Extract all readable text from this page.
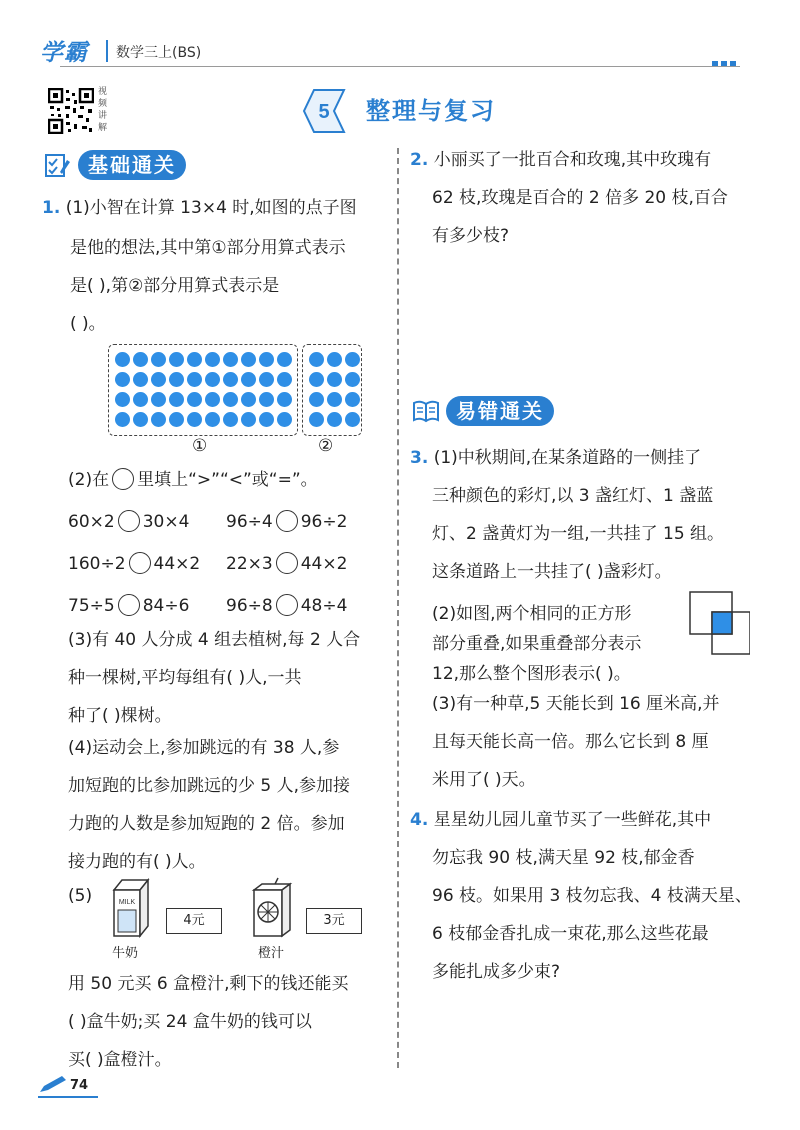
学霸 数学三上(BS)
视频讲解
5 整理与复习
基础通关
1. (1)小智在计算 13×4 时,如图的点子图
是他的想法,其中第①部分用算式表示
是( ),第②部分用算式表示是
( )。
①	②
(2)在 里填上“>”“<”或“=”。
60×2 30×4 96÷4 96÷2
160÷2 44×2 22×3 44×2
75÷5 84÷6 96÷8 48÷4
(3)有 40 人分成 4 组去植树,每 2 人合
种一棵树,平均每组有( )人,一共
种了( )棵树。
(4)运动会上,参加跳远的有 38 人,参
加短跑的比参加跳远的少 5 人,参加接
力跑的人数是参加短跑的 2 倍。参加
接力跑的有( )人。
(5)	MILK
4元
牛奶
3元
橙汁
用 50 元买 6 盒橙汁,剩下的钱还能买
( )盒牛奶;买 24 盒牛奶的钱可以
买( )盒橙汁。
2. 小丽买了一批百合和玫瑰,其中玫瑰有
62 枝,玫瑰是百合的 2 倍多 20 枝,百合
有多少枝?
易错通关
3. (1)中秋期间,在某条道路的一侧挂了
三种颜色的彩灯,以 3 盏红灯、1 盏蓝
灯、2 盏黄灯为一组,一共挂了 15 组。
这条道路上一共挂了( )盏彩灯。
(2)如图,两个相同的正方形
部分重叠,如果重叠部分表示
12,那么整个图形表示( )。
(3)有一种草,5 天能长到 16 厘米高,并
且每天能长高一倍。那么它长到 8 厘
米用了( )天。
4. 星星幼儿园儿童节买了一些鲜花,其中
勿忘我 90 枝,满天星 92 枝,郁金香
96 枝。如果用 3 枝勿忘我、4 枝满天星、
6 枝郁金香扎成一束花,那么这些花最
多能扎成多少束?
74
